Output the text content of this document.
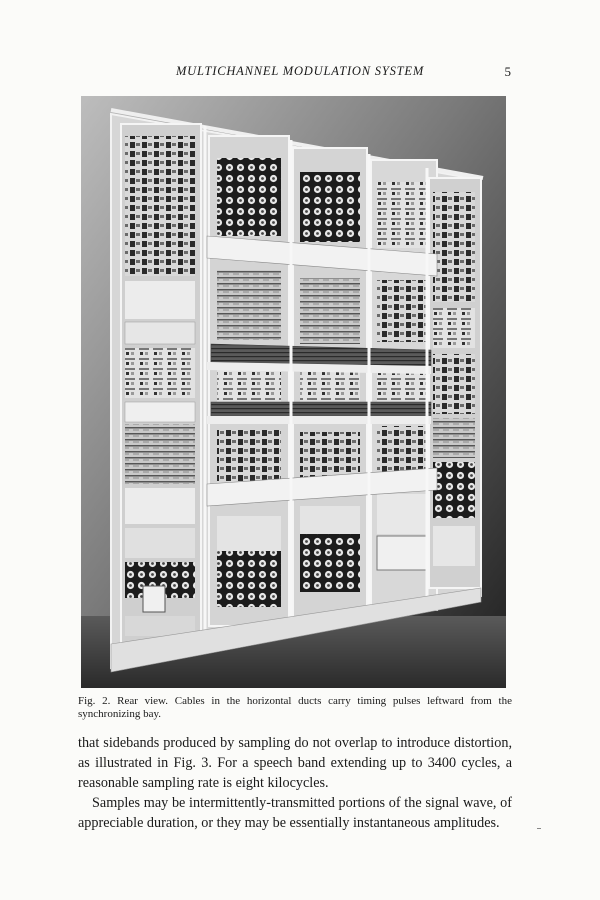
MULTICHANNEL MODULATION SYSTEM	5
Fig. 2. Rear view. Cables in the horizontal ducts carry timing pulses leftward from the synchronizing bay.

that sidebands produced by sampling do not overlap to introduce distortion, as illustrated in Fig. 3. For a speech band extending up to 3400 cycles, a reasonable sampling rate is eight kilocycles.

Samples may be intermittently-transmitted portions of the signal wave, of appreciable duration, or they may be essentially instantaneous amplitudes.
